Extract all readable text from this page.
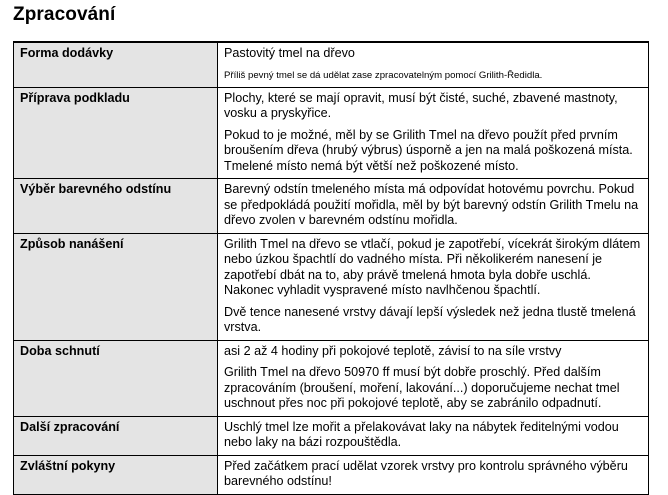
Zpracování
Forma dodávky	Pastovitý tmel na dřevo

Příliš pevný tmel se dá udělat zase zpracovatelným pomocí Grilith-Ředidla.

Příprava podkladu	Plochy, které se mají opravit, musí být čisté, suché, zbavené mastnoty, vosku a pryskyřice.

Pokud to je možné, měl by se Grilith Tmel na dřevo použít před prvním broušením dřeva (hrubý výbrus) úsporně a jen na malá poškozená místa. Tmelené místo nemá být větší než poškozené místo.

Výběr barevného odstínu	Barevný odstín tmeleného místa má odpovídat hotovému povrchu. Pokud se předpokládá použití mořidla, měl by být barevný odstín Grilith Tmelu na dřevo zvolen v barevném odstínu mořidla.

Způsob nanášení	Grilith Tmel na dřevo se vtlačí, pokud je zapotřebí, vícekrát širokým dlátem nebo úzkou špachtlí do vadného místa. Při několikerém nanesení je zapotřebí dbát na to, aby právě tmelená hmota byla dobře uschlá. Nakonec vyhladit vyspravené místo navlhčenou špachtlí.

Dvě tence nanesené vrstvy dávají lepší výsledek než jedna tlustě tmelená vrstva.

Doba schnutí	asi 2 až 4 hodiny při pokojové teplotě, závisí to na síle vrstvy

Grilith Tmel na dřevo 50970 ff musí být dobře proschlý. Před dalším zpracováním (broušení, moření, lakování...) doporučujeme nechat tmel uschnout přes noc při pokojové teplotě, aby se zabránilo odpadnutí.

Další zpracování	Uschlý tmel lze mořit a přelakovávat laky na nábytek ředitelnými vodou nebo laky na bázi rozpouštědla.

Zvláštní pokyny	Před začátkem prací udělat vzorek vrstvy pro kontrolu správného výběru barevného odstínu!
